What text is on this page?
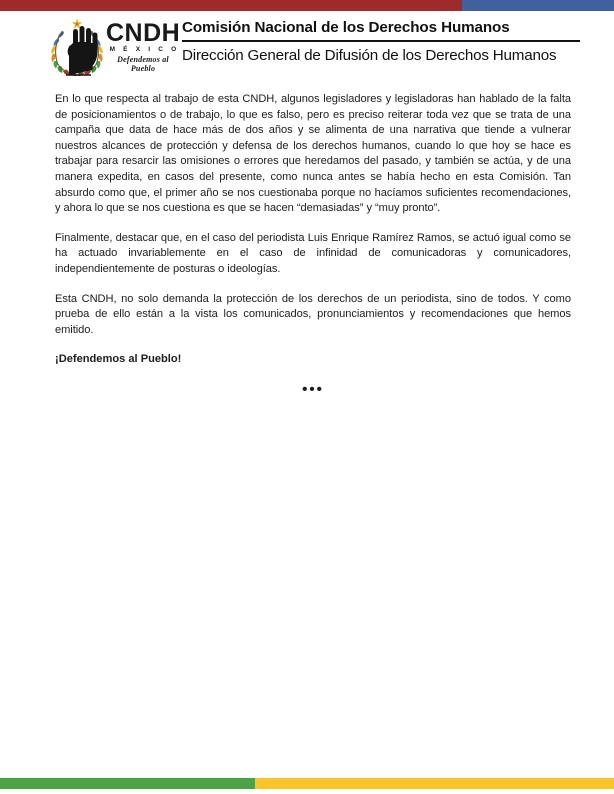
CNDH
M É X I C O
Defendemos al Pueblo
Comisión Nacional de los Derechos Humanos
Dirección General de Difusión de los Derechos Humanos

En lo que respecta al trabajo de esta CNDH, algunos legisladores y legisladoras han hablado de la falta de posicionamientos o de trabajo, lo que es falso, pero es preciso reiterar toda vez que se trata de una campaña que data de hace más de dos años y se alimenta de una narrativa que tiende a vulnerar nuestros alcances de protección y defensa de los derechos humanos, cuando lo que hoy se hace es trabajar para resarcir las omisiones o errores que heredamos del pasado, y también se actúa, y de una manera expedita, en casos del presente, como nunca antes se había hecho en esta Comisión. Tan absurdo como que, el primer año se nos cuestionaba porque no hacíamos suficientes recomendaciones, y ahora lo que se nos cuestiona es que se hacen “demasiadas” y “muy pronto”.

Finalmente, destacar que, en el caso del periodista Luis Enrique Ramírez Ramos, se actuó igual como se ha actuado invariablemente en el caso de infinidad de comunicadoras y comunicadores, independientemente de posturas o ideologías.

Esta CNDH, no solo demanda la protección de los derechos de un periodista, sino de todos. Y como prueba de ello están a la vista los comunicados, pronunciamientos y recomendaciones que hemos emitido.

¡Defendemos al Pueblo!

•••
